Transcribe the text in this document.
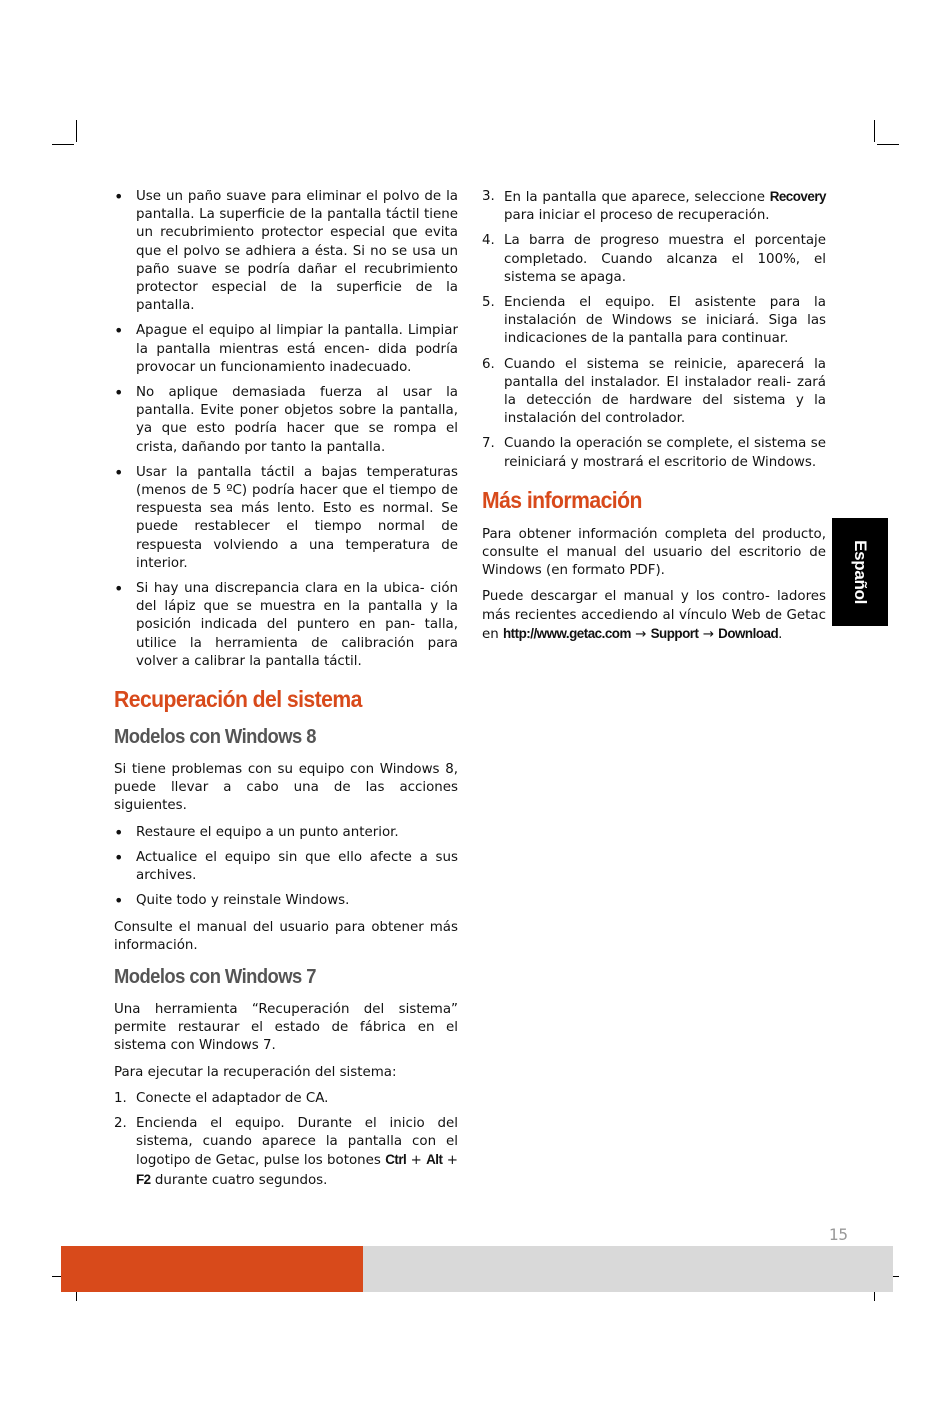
• Use un paño suave para eliminar el polvo de la pantalla. La superficie de la pantalla táctil tiene un recubrimiento protector especial que evita que el polvo se adhiera a ésta. Si no se usa un paño suave se podría dañar el recubrimiento protector especial de la superficie de la pantalla.
• Apague el equipo al limpiar la pantalla. Limpiar la pantalla mientras está encen- dida podría provocar un funcionamiento inadecuado.
• No aplique demasiada fuerza al usar la pantalla. Evite poner objetos sobre la pantalla, ya que esto podría hacer que se rompa el crista, dañando por tanto la pantalla.
• Usar la pantalla táctil a bajas temperaturas (menos de 5 ºC) podría hacer que el tiempo de respuesta sea más lento. Esto es normal. Se puede restablecer el tiempo normal de respuesta volviendo a una temperatura de interior.
• Si hay una discrepancia clara en la ubica- ción del lápiz que se muestra en la pantalla y la posición indicada del puntero en pan- talla, utilice la herramienta de calibración para volver a calibrar la pantalla táctil.
Recuperación del sistema
Modelos con Windows 8

Si tiene problemas con su equipo con Windows 8, puede llevar a cabo una de las acciones siguientes.

• Restaure el equipo a un punto anterior.
• Actualice el equipo sin que ello afecte a sus archives.
• Quite todo y reinstale Windows.

Consulte el manual del usuario para obtener más información.

Modelos con Windows 7

Una herramienta “Recuperación del sistema” permite restaurar el estado de fábrica en el sistema con Windows 7.

Para ejecutar la recuperación del sistema:

1. Conecte el adaptador de CA.
2. Encienda el equipo. Durante el inicio del sistema, cuando aparece la pantalla con el logotipo de Getac, pulse los botones Ctrl + Alt + F2 durante cuatro segundos.
3. En la pantalla que aparece, seleccione Recovery para iniciar el proceso de recuperación.
4. La barra de progreso muestra el porcentaje completado. Cuando alcanza el 100%, el sistema se apaga.
5. Encienda el equipo. El asistente para la instalación de Windows se iniciará. Siga las indicaciones de la pantalla para continuar.
6. Cuando el sistema se reinicie, aparecerá la pantalla del instalador. El instalador reali- zará la detección de hardware del sistema y la instalación del controlador.
7. Cuando la operación se complete, el sistema se reiniciará y mostrará el escritorio de Windows.
Más información

Para obtener información completa del producto, consulte el manual del usuario del escritorio de Windows (en formato PDF).

Puede descargar el manual y los contro- ladores más recientes accediendo al vínculo Web de Getac en http://www.getac.com → Support → Download.

Español
15
